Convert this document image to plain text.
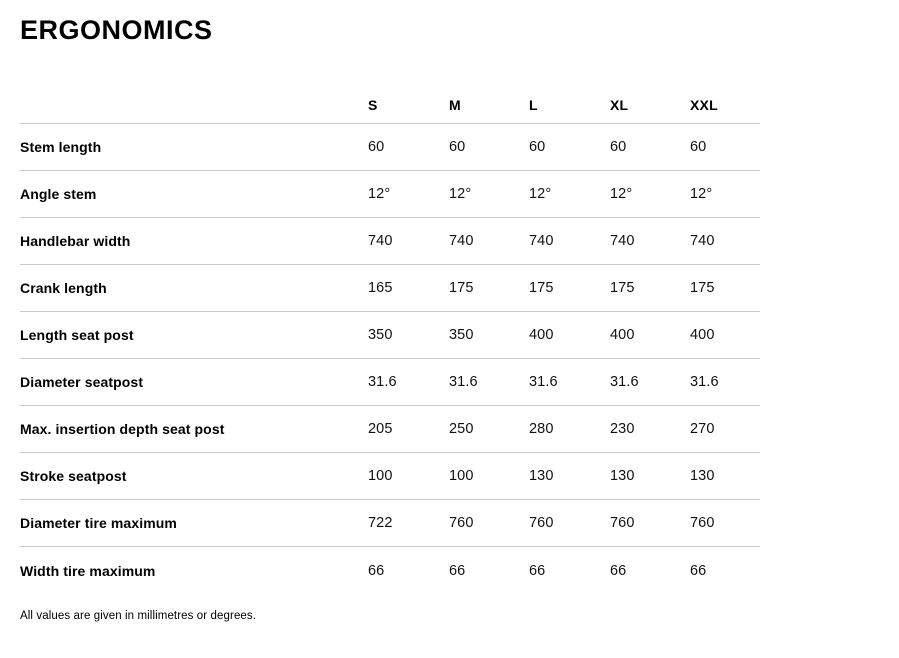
ERGONOMICS
	S	M	L	XL	XXL
Stem length	60	60	60	60	60
Angle stem	12°	12°	12°	12°	12°
Handlebar width	740	740	740	740	740
Crank length	165	175	175	175	175
Length seat post	350	350	400	400	400
Diameter seatpost	31.6	31.6	31.6	31.6	31.6
Max. insertion depth seat post	205	250	280	230	270
Stroke seatpost	100	100	130	130	130
Diameter tire maximum	722	760	760	760	760
Width tire maximum	66	66	66	66	66

All values are given in millimetres or degrees.
